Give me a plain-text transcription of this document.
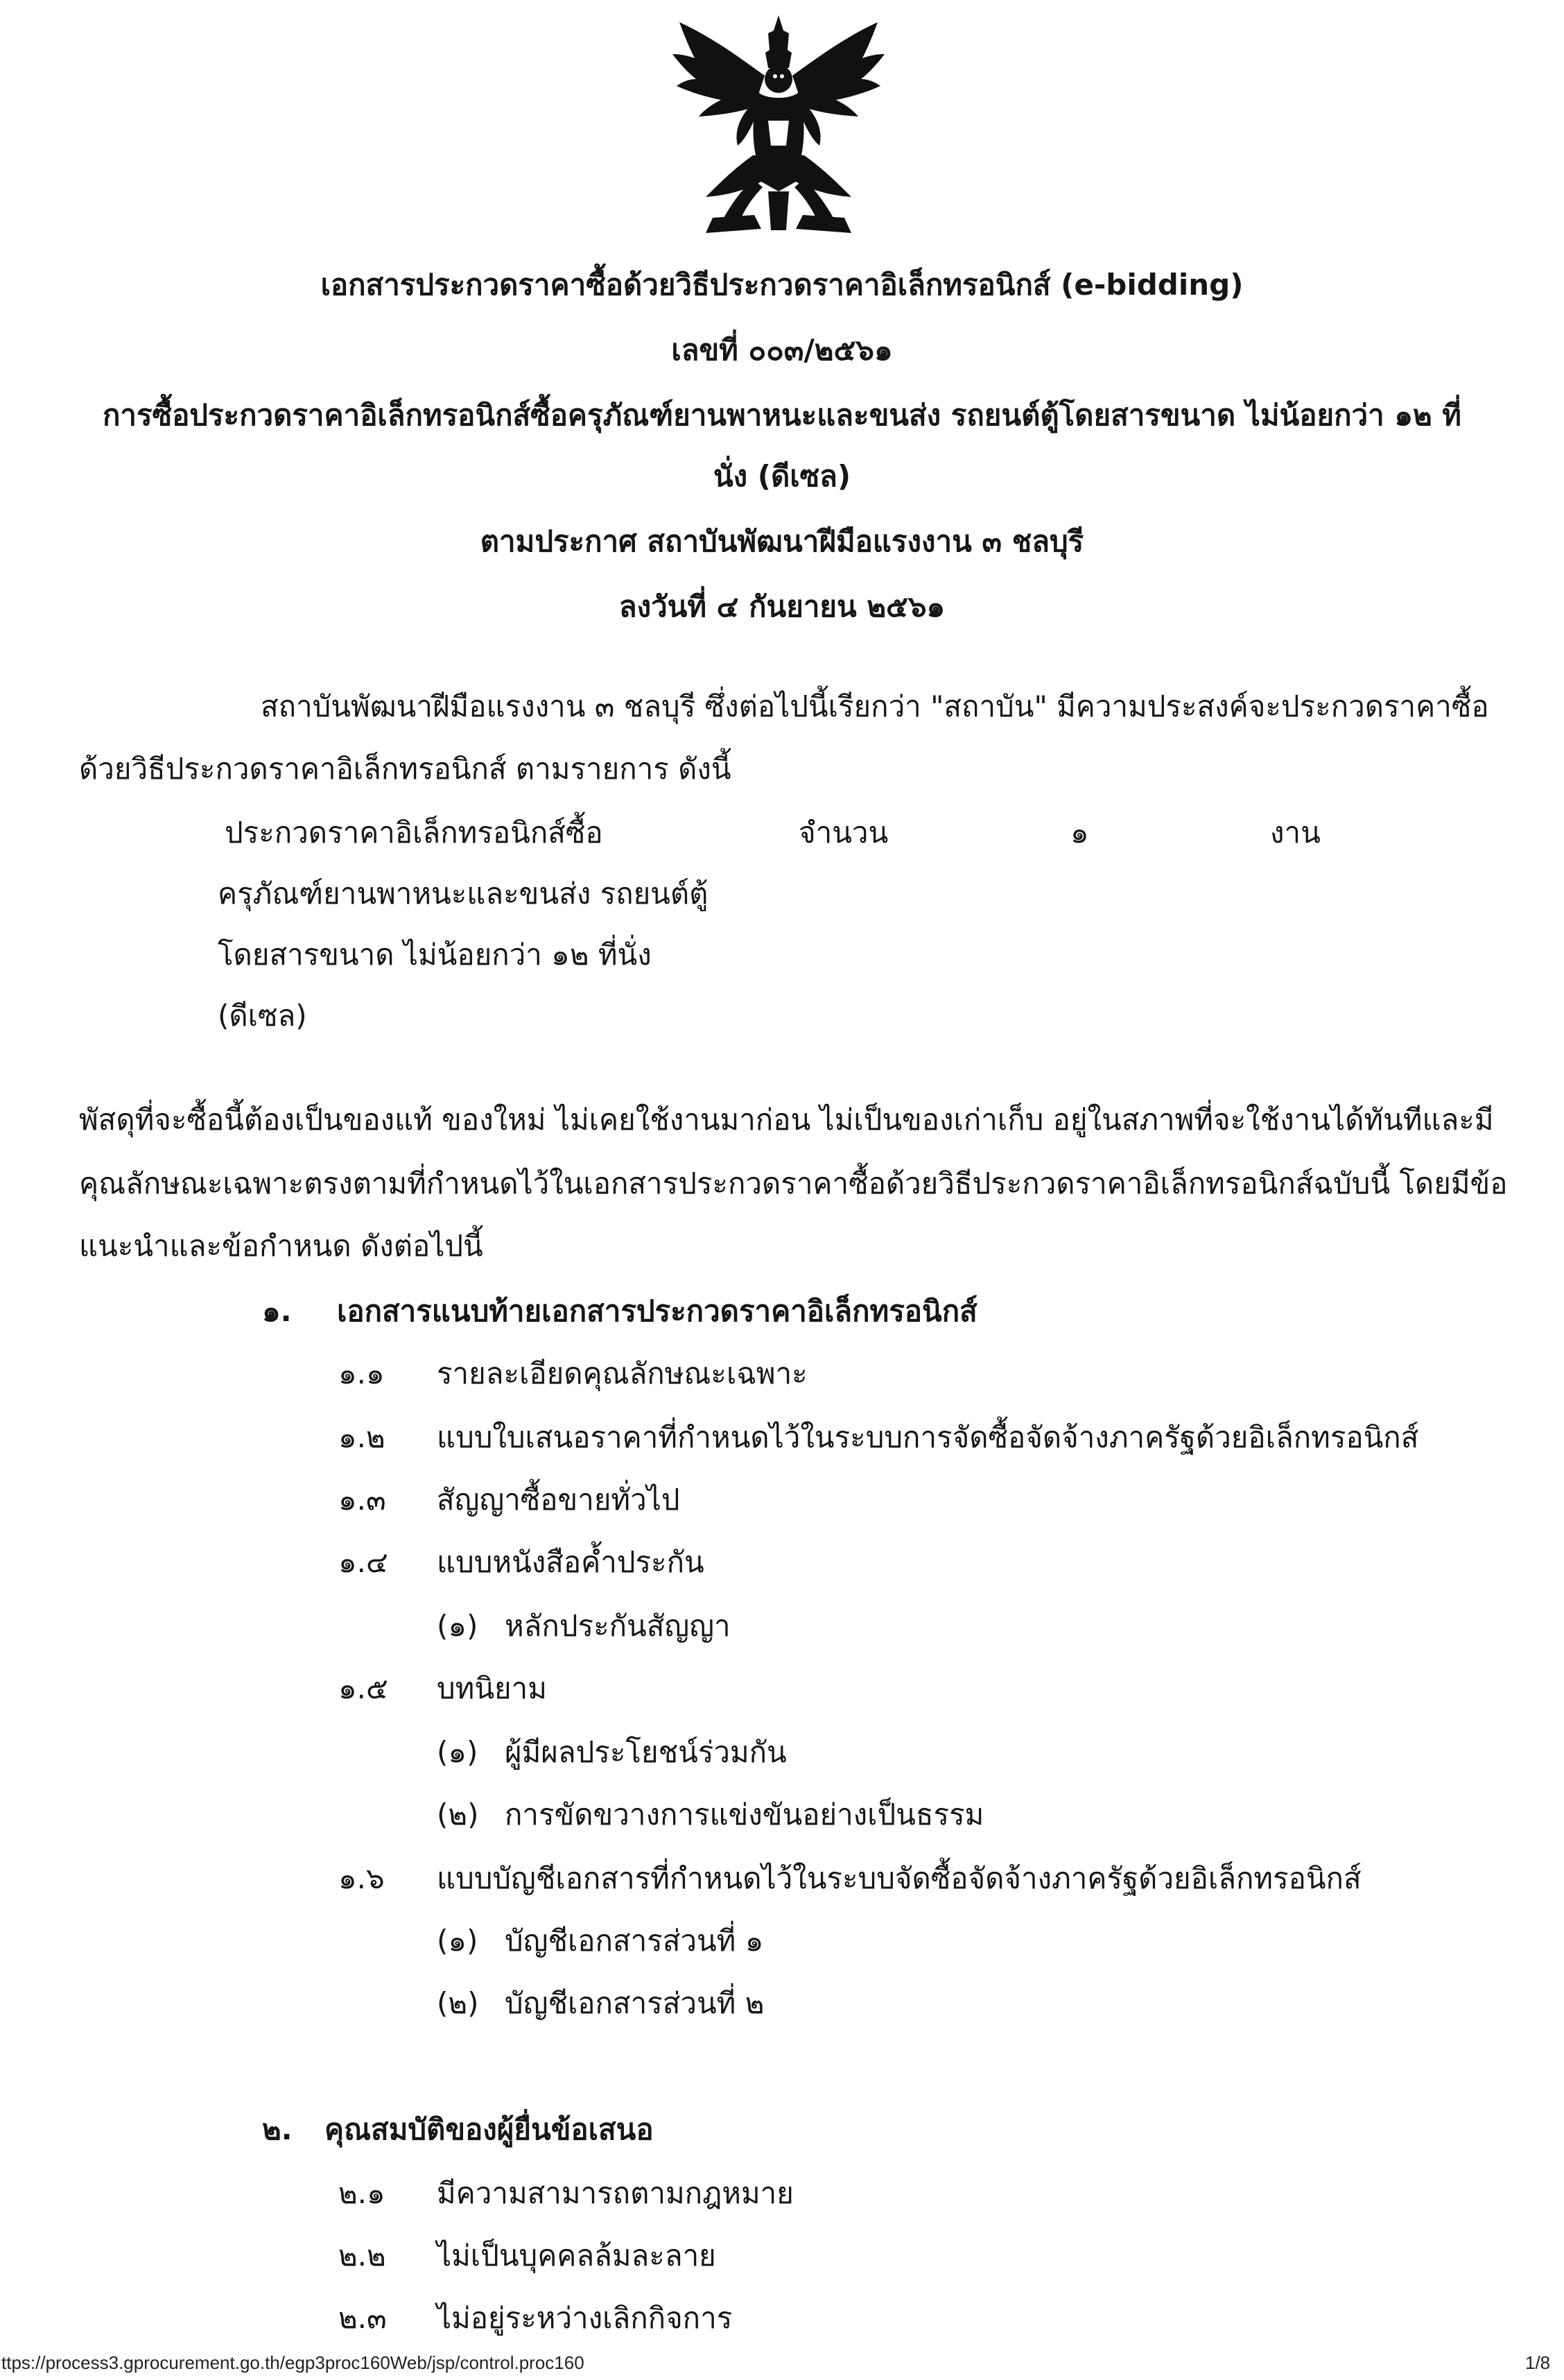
เอกสารประกวดราคาซื้อด้วยวิธีประกวดราคาอิเล็กทรอนิกส์ (e-bidding)
เลขที่ ๐๐๓/๒๕๖๑
การซื้อประกวดราคาอิเล็กทรอนิกส์ซื้อครุภัณฑ์ยานพาหนะและขนส่ง รถยนต์ตู้โดยสารขนาด ไม่น้อยกว่า ๑๒ ที่
นั่ง (ดีเซล)
ตามประกาศ สถาบันพัฒนาฝีมือแรงงาน ๓ ชลบุรี
ลงวันที่ ๔ กันยายน ๒๕๖๑
สถาบันพัฒนาฝีมือแรงงาน ๓ ชลบุรี ซึ่งต่อไปนี้เรียกว่า "สถาบัน" มีความประสงค์จะประกวดราคาซื้อ
ด้วยวิธีประกวดราคาอิเล็กทรอนิกส์ ตามรายการ ดังนี้
ประกวดราคาอิเล็กทรอนิกส์ซื้อ	จำนวน	๑	งาน
ครุภัณฑ์ยานพาหนะและขนส่ง รถยนต์ตู้
โดยสารขนาด ไม่น้อยกว่า ๑๒ ที่นั่ง
(ดีเซล)
พัสดุที่จะซื้อนี้ต้องเป็นของแท้ ของใหม่ ไม่เคยใช้งานมาก่อน ไม่เป็นของเก่าเก็บ อยู่ในสภาพที่จะใช้งานได้ทันทีและมี
คุณลักษณะเฉพาะตรงตามที่กำหนดไว้ในเอกสารประกวดราคาซื้อด้วยวิธีประกวดราคาอิเล็กทรอนิกส์ฉบับนี้ โดยมีข้อ
แนะนำและข้อกำหนด ดังต่อไปนี้
๑. เอกสารแนบท้ายเอกสารประกวดราคาอิเล็กทรอนิกส์
๑.๑ รายละเอียดคุณลักษณะเฉพาะ
๑.๒ แบบใบเสนอราคาที่กำหนดไว้ในระบบการจัดซื้อจัดจ้างภาครัฐด้วยอิเล็กทรอนิกส์
๑.๓ สัญญาซื้อขายทั่วไป
๑.๔ แบบหนังสือค้ำประกัน
(๑) หลักประกันสัญญา
๑.๕ บทนิยาม
(๑) ผู้มีผลประโยชน์ร่วมกัน
(๒) การขัดขวางการแข่งขันอย่างเป็นธรรม
๑.๖ แบบบัญชีเอกสารที่กำหนดไว้ในระบบจัดซื้อจัดจ้างภาครัฐด้วยอิเล็กทรอนิกส์
(๑) บัญชีเอกสารส่วนที่ ๑
(๒) บัญชีเอกสารส่วนที่ ๒
๒. คุณสมบัติของผู้ยื่นข้อเสนอ
๒.๑ มีความสามารถตามกฎหมาย
๒.๒ ไม่เป็นบุคคลล้มละลาย
๒.๓ ไม่อยู่ระหว่างเลิกกิจการ
ttps://process3.gprocurement.go.th/egp3proc160Web/jsp/control.proc160	1/8
